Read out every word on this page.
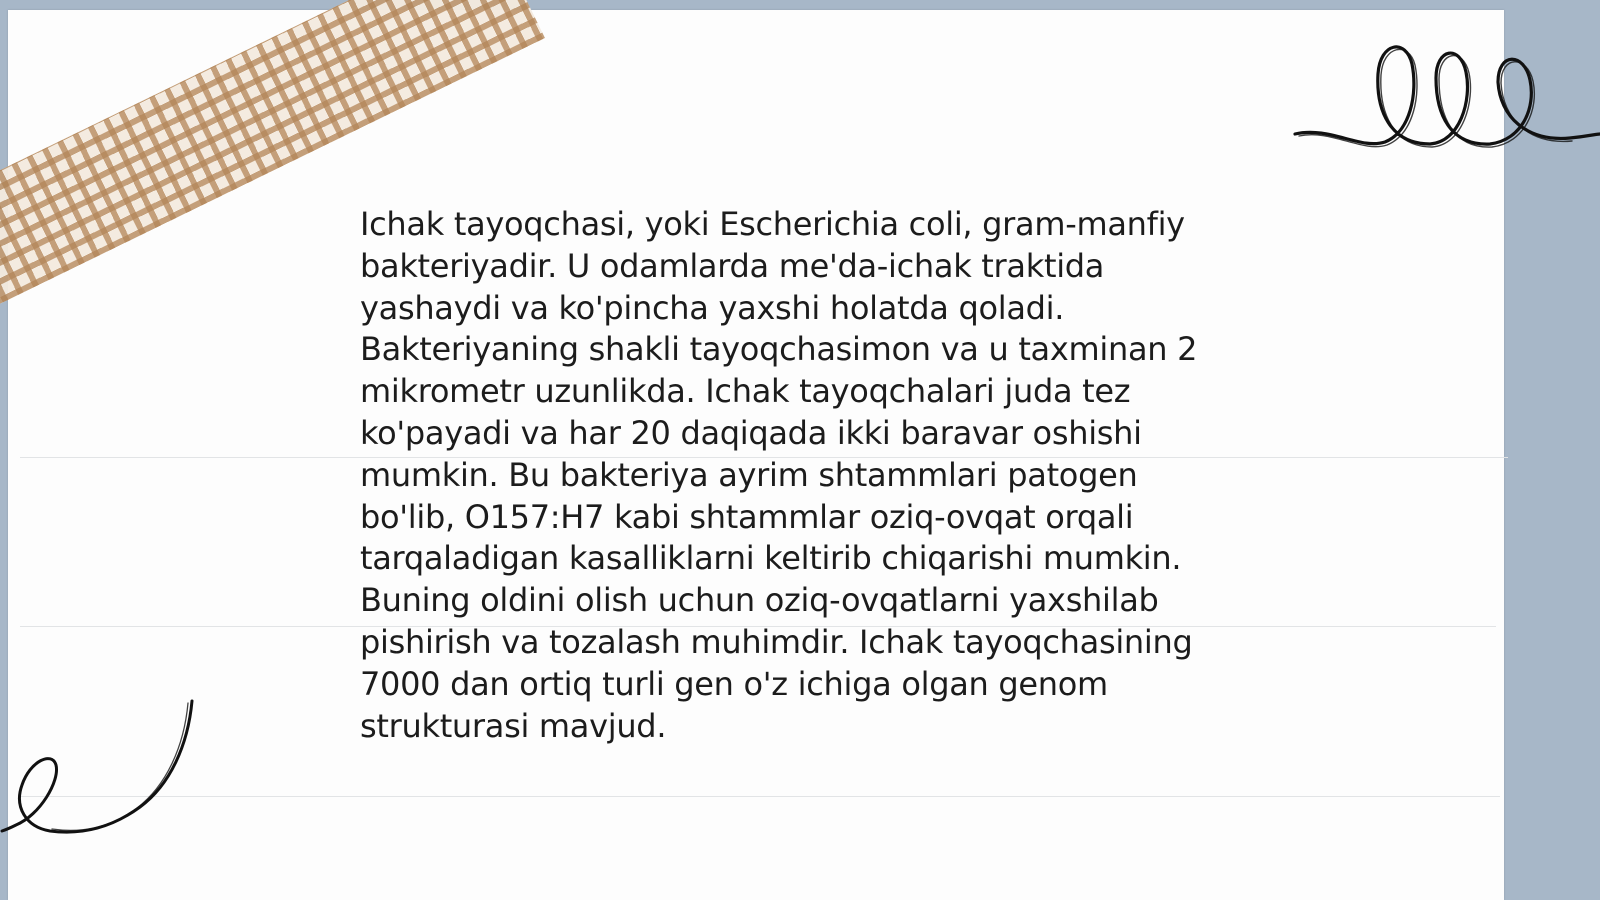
Ichak tayoqchasi, yoki Escherichia coli, gram-manfiy bakteriyadir. U odamlarda me'da-ichak traktida yashaydi va ko'pincha yaxshi holatda qoladi. Bakteriyaning shakli tayoqchasimon va u taxminan 2 mikrometr uzunlikda. Ichak tayoqchalari juda tez ko'payadi va har 20 daqiqada ikki baravar oshishi mumkin. Bu bakteriya ayrim shtammlari patogen bo'lib, O157:H7 kabi shtammlar oziq-ovqat orqali tarqaladigan kasalliklarni keltirib chiqarishi mumkin. Buning oldini olish uchun oziq-ovqatlarni yaxshilab pishirish va tozalash muhimdir. Ichak tayoqchasining 7000 dan ortiq turli gen o'z ichiga olgan genom strukturasi mavjud.
